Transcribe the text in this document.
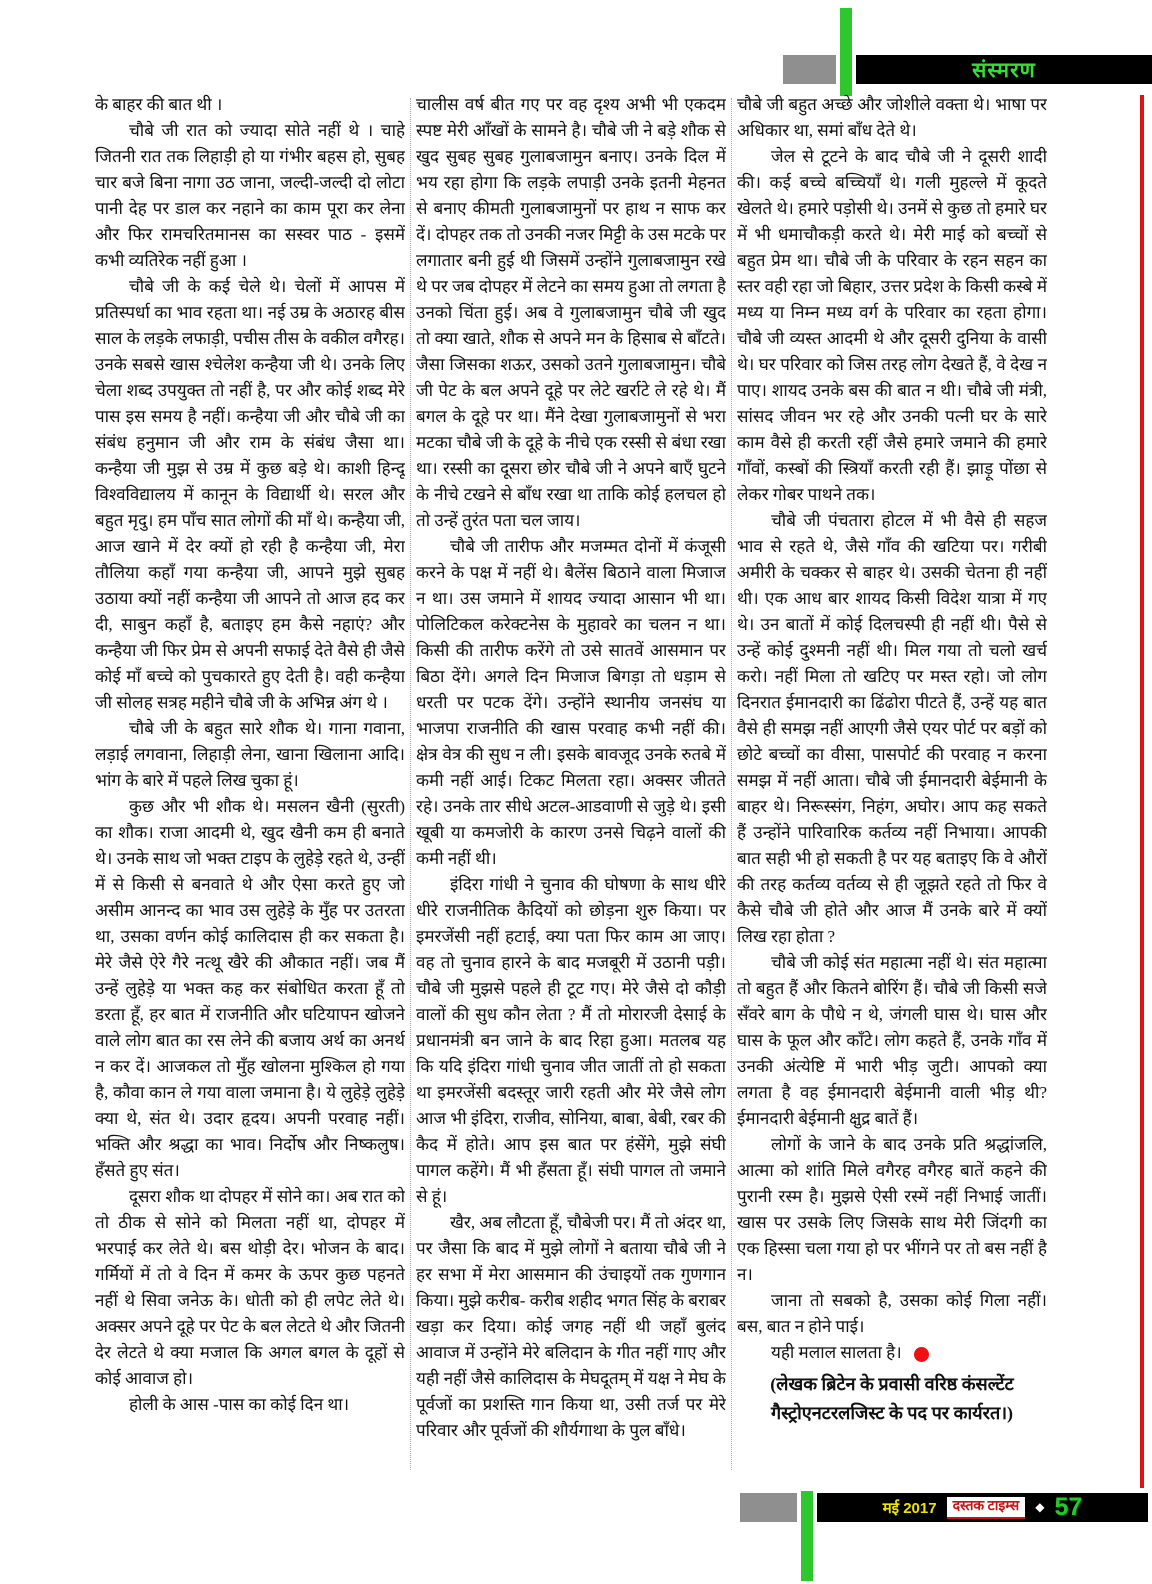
संस्मरण

के बाहर की बात थी ।

चौबे जी रात को ज्यादा सोते नहीं थे । चाहे जितनी रात तक लिहाड़ी हो या गंभीर बहस हो, सुबह चार बजे बिना नागा उठ जाना, जल्दी-जल्दी दो लोटा पानी देह पर डाल कर नहाने का काम पूरा कर लेना और फिर रामचरितमानस का सस्वर पाठ - इसमें कभी व्यतिरेक नहीं हुआ ।

चौबे जी के कई चेले थे। चेलों में आपस में प्रतिस्पर्धा का भाव रहता था। नई उम्र के अठारह बीस साल के लड़के लफाड़ी, पचीस तीस के वकील वगैरह। उनके सबसे खास श्चेलेश कन्हैया जी थे। उनके लिए चेला शब्द उपयुक्त तो नहीं है, पर और कोई शब्द मेरे पास इस समय है नहीं। कन्हैया जी और चौबे जी का संबंध हनुमान जी और राम के संबंध जैसा था। कन्हैया जी मुझ से उम्र में कुछ बड़े थे। काशी हिन्दू विश्वविद्यालय में कानून के विद्यार्थी थे। सरल और बहुत मृदु। हम पाँच सात लोगों की माँ थे। कन्हैया जी, आज खाने में देर क्यों हो रही है कन्हैया जी, मेरा तौलिया कहाँ गया कन्हैया जी, आपने मुझे सुबह उठाया क्यों नहीं कन्हैया जी आपने तो आज हद कर दी, साबुन कहाँ है, बताइए हम कैसे नहाएं? और कन्हैया जी फिर प्रेम से अपनी सफाई देते वैसे ही जैसे कोई माँ बच्चे को पुचकारते हुए देती है। वही कन्हैया जी सोलह सत्रह महीने चौबे जी के अभिन्न अंग थे ।

चौबे जी के बहुत सारे शौक थे। गाना गवाना, लड़ाई लगवाना, लिहाड़ी लेना, खाना खिलाना आदि। भांग के बारे में पहले लिख चुका हूं।

कुछ और भी शौक थे। मसलन खैनी (सुरती) का शौक। राजा आदमी थे, खुद खैनी कम ही बनाते थे। उनके साथ जो भक्त टाइप के लुहेड़े रहते थे, उन्हीं में से किसी से बनवाते थे और ऐसा करते हुए जो असीम आनन्द का भाव उस लुहेड़े के मुँह पर उतरता था, उसका वर्णन कोई कालिदास ही कर सकता है। मेरे जैसे ऐरे गैरे नत्थू खैरे की औकात नहीं। जब मैं उन्हें लुहेड़े या भक्त कह कर संबोधित करता हूँ तो डरता हूँ, हर बात में राजनीति और घटियापन खोजने वाले लोग बात का रस लेने की बजाय अर्थ का अनर्थ न कर दें। आजकल तो मुँह खोलना मुश्किल हो गया है, कौवा कान ले गया वाला जमाना है। ये लुहेड़े लुहेड़े क्या थे, संत थे। उदार हृदय। अपनी परवाह नहीं। भक्ति और श्रद्धा का भाव। निर्दोष और निष्कलुष। हँसते हुए संत।

दूसरा शौक था दोपहर में सोने का। अब रात को तो ठीक से सोने को मिलता नहीं था, दोपहर में भरपाई कर लेते थे। बस थोड़ी देर। भोजन के बाद। गर्मियों में तो वे दिन में कमर के ऊपर कुछ पहनते नहीं थे सिवा जनेऊ के। धोती को ही लपेट लेते थे। अक्सर अपने दूहे पर पेट के बल लेटते थे और जितनी देर लेटते थे क्या मजाल कि अगल बगल के दूहों से कोई आवाज हो।

होली के आस -पास का कोई दिन था।

चालीस वर्ष बीत गए पर वह दृश्य अभी भी एकदम स्पष्ट मेरी आँखों के सामने है। चौबे जी ने बड़े शौक से खुद सुबह सुबह गुलाबजामुन बनाए। उनके दिल में भय रहा होगा कि लड़के लपाड़ी उनके इतनी मेहनत से बनाए कीमती गुलाबजामुनों पर हाथ न साफ कर दें। दोपहर तक तो उनकी नजर मिट्टी के उस मटके पर लगातार बनी हुई थी जिसमें उन्होंने गुलाबजामुन रखे थे पर जब दोपहर में लेटने का समय हुआ तो लगता है उनको चिंता हुई। अब वे गुलाबजामुन चौबे जी खुद तो क्या खाते, शौक से अपने मन के हिसाब से बाँटते। जैसा जिसका शऊर, उसको उतने गुलाबजामुन। चौबे जी पेट के बल अपने दूहे पर लेटे खर्राटे ले रहे थे। मैं बगल के दूहे पर था। मैंने देखा गुलाबजामुनों से भरा मटका चौबे जी के दूहे के नीचे एक रस्सी से बंधा रखा था। रस्सी का दूसरा छोर चौबे जी ने अपने बाएँ घुटने के नीचे टखने से बाँध रखा था ताकि कोई हलचल हो तो उन्हें तुरंत पता चल जाय।

चौबे जी तारीफ और मजम्मत दोनों में कंजूसी करने के पक्ष में नहीं थे। बैलेंस बिठाने वाला मिजाज न था। उस जमाने में शायद ज्यादा आसान भी था। पोलिटिकल करेक्टनेस के मुहावरे का चलन न था। किसी की तारीफ करेंगे तो उसे सातवें आसमान पर बिठा देंगे। अगले दिन मिजाज बिगड़ा तो धड़ाम से धरती पर पटक देंगे। उन्होंने स्थानीय जनसंघ या भाजपा राजनीति की खास परवाह कभी नहीं की। क्षेत्र वेत्र की सुध न ली। इसके बावजूद उनके रुतबे में कमी नहीं आई। टिकट मिलता रहा। अक्सर जीतते रहे। उनके तार सीधे अटल-आडवाणी से जुड़े थे। इसी खूबी या कमजोरी के कारण उनसे चिढ़ने वालों की कमी नहीं थी।

इंदिरा गांधी ने चुनाव की घोषणा के साथ धीरे धीरे राजनीतिक कैदियों को छोड़ना शुरु किया। पर इमरजेंसी नहीं हटाई, क्या पता फिर काम आ जाए। वह तो चुनाव हारने के बाद मजबूरी में उठानी पड़ी। चौबे जी मुझसे पहले ही टूट गए। मेरे जैसे दो कौड़ी वालों की सुध कौन लेता ? मैं तो मोरारजी देसाई के प्रधानमंत्री बन जाने के बाद रिहा हुआ। मतलब यह कि यदि इंदिरा गांधी चुनाव जीत जातीं तो हो सकता था इमरजेंसी बदस्तूर जारी रहती और मेरे जैसे लोग आज भी इंदिरा, राजीव, सोनिया, बाबा, बेबी, रबर की कैद में होते। आप इस बात पर हंसेंगे, मुझे संघी पागल कहेंगे। मैं भी हँसता हूँ। संघी पागल तो जमाने से हूं।

खैर, अब लौटता हूँ, चौबेजी पर। मैं तो अंदर था, पर जैसा कि बाद में मुझे लोगों ने बताया चौबे जी ने हर सभा में मेरा आसमान की उंचाइयों तक गुणगान किया। मुझे करीब- करीब शहीद भगत सिंह के बराबर खड़ा कर दिया। कोई जगह नहीं थी जहाँ बुलंद आवाज में उन्होंने मेरे बलिदान के गीत नहीं गाए और यही नहीं जैसे कालिदास के मेघदूतम् में यक्ष ने मेघ के पूर्वजों का प्रशस्ति गान किया था, उसी तर्ज पर मेरे परिवार और पूर्वजों की शौर्यगाथा के पुल बाँधे।

चौबे जी बहुत अच्छे और जोशीले वक्ता थे। भाषा पर अधिकार था, समां बाँध देते थे।

जेल से टूटने के बाद चौबे जी ने दूसरी शादी की। कई बच्चे बच्चियाँ थे। गली मुहल्ले में कूदते खेलते थे। हमारे पड़ोसी थे। उनमें से कुछ तो हमारे घर में भी धमाचौकड़ी करते थे। मेरी माई को बच्चों से बहुत प्रेम था। चौबे जी के परिवार के रहन सहन का स्तर वही रहा जो बिहार, उत्तर प्रदेश के किसी कस्बे में मध्य या निम्न मध्य वर्ग के परिवार का रहता होगा। चौबे जी व्यस्त आदमी थे और दूसरी दुनिया के वासी थे। घर परिवार को जिस तरह लोग देखते हैं, वे देख न पाए। शायद उनके बस की बात न थी। चौबे जी मंत्री, सांसद जीवन भर रहे और उनकी पत्नी घर के सारे काम वैसे ही करती रहीं जैसे हमारे जमाने की हमारे गाँवों, कस्बों की स्त्रियाँ करती रही हैं। झाड़ू पोंछा से लेकर गोबर पाथने तक।

चौबे जी पंचतारा होटल में भी वैसे ही सहज भाव से रहते थे, जैसे गाँव की खटिया पर। गरीबी अमीरी के चक्कर से बाहर थे। उसकी चेतना ही नहीं थी। एक आध बार शायद किसी विदेश यात्रा में गए थे। उन बातों में कोई दिलचस्पी ही नहीं थी। पैसे से उन्हें कोई दुश्मनी नहीं थी। मिल गया तो चलो खर्च करो। नहीं मिला तो खटिए पर मस्त रहो। जो लोग दिनरात ईमानदारी का ढिंढोरा पीटते हैं, उन्हें यह बात वैसे ही समझ नहीं आएगी जैसे एयर पोर्ट पर बड़ों को छोटे बच्चों का वीसा, पासपोर्ट की परवाह न करना समझ में नहीं आता। चौबे जी ईमानदारी बेईमानी के बाहर थे। निरूस्संग, निहंग, अघोर। आप कह सकते हैं उन्होंने पारिवारिक कर्तव्य नहीं निभाया। आपकी बात सही भी हो सकती है पर यह बताइए कि वे औरों की तरह कर्तव्य वर्तव्य से ही जूझते रहते तो फिर वे कैसे चौबे जी होते और आज मैं उनके बारे में क्यों लिख रहा होता ?

चौबे जी कोई संत महात्मा नहीं थे। संत महात्मा तो बहुत हैं और कितने बोरिंग हैं। चौबे जी किसी सजे सँवरे बाग के पौधे न थे, जंगली घास थे। घास और घास के फूल और काँटे। लोग कहते हैं, उनके गाँव में उनकी अंत्येष्टि में भारी भीड़ जुटी। आपको क्या लगता है वह ईमानदारी बेईमानी वाली भीड़ थी? ईमानदारी बेईमानी क्षुद्र बातें हैं।

लोगों के जाने के बाद उनके प्रति श्रद्धांजलि, आत्मा को शांति मिले वगैरह वगैरह बातें कहने की पुरानी रस्म है। मुझसे ऐसी रस्में नहीं निभाई जातीं। खास पर उसके लिए जिसके साथ मेरी जिंदगी का एक हिस्सा चला गया हो पर भींगने पर तो बस नहीं है न।

जाना तो सबको है, उसका कोई गिला नहीं। बस, बात न होने पाई।

यही मलाल सालता है।

(लेखक ब्रिटेन के प्रवासी वरिष्ठ कंसल्टेंट गैस्ट्रोएनटरलजिस्ट के पद पर कार्यरत।)

मई 2017	दस्तक टाइम्स	◆ 57
